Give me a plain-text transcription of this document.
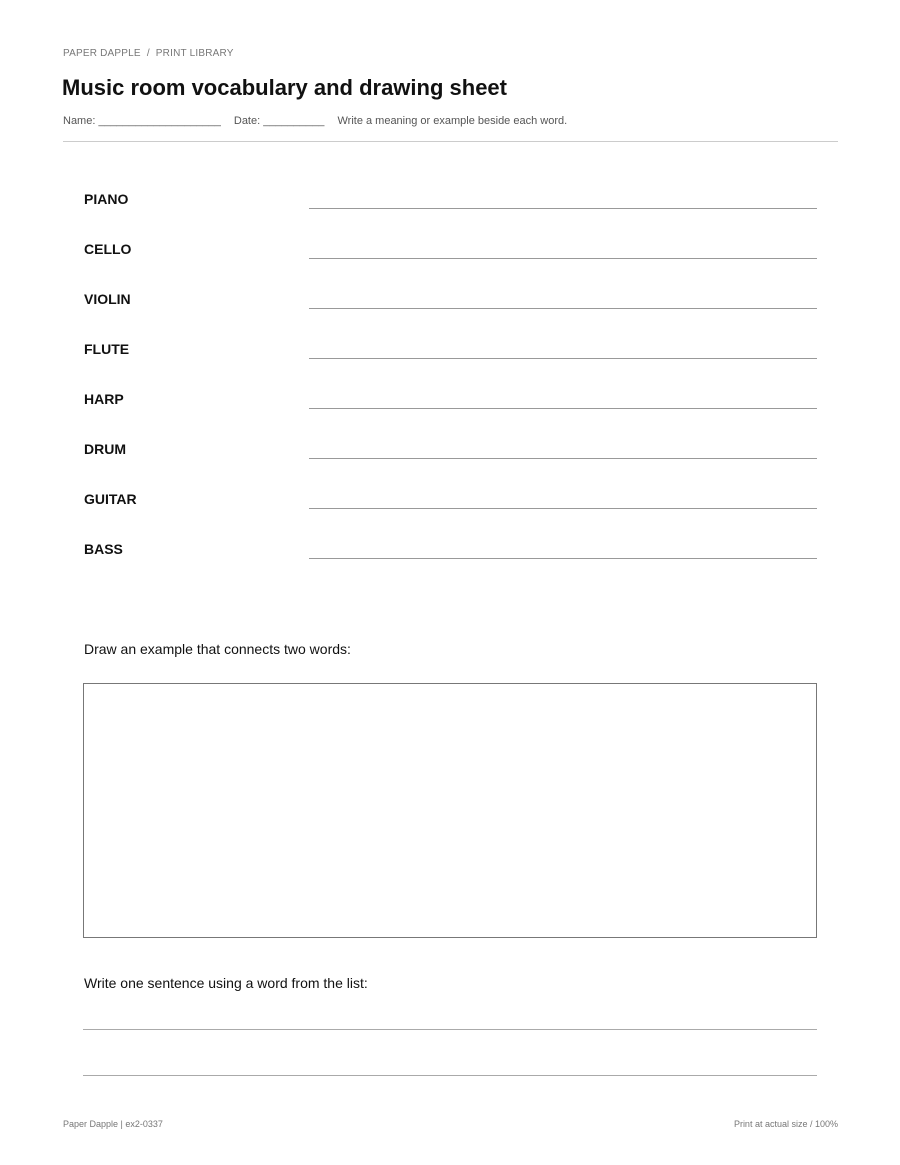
PAPER DAPPLE / PRINT LIBRARY
Music room vocabulary and drawing sheet
Name: ____________________ Date: __________ Write a meaning or example beside each word.
PIANO
CELLO
VIOLIN
FLUTE
HARP
DRUM
GUITAR
BASS
Draw an example that connects two words:
Write one sentence using a word from the list:
Paper Dapple | ex2-0337	Print at actual size / 100%
